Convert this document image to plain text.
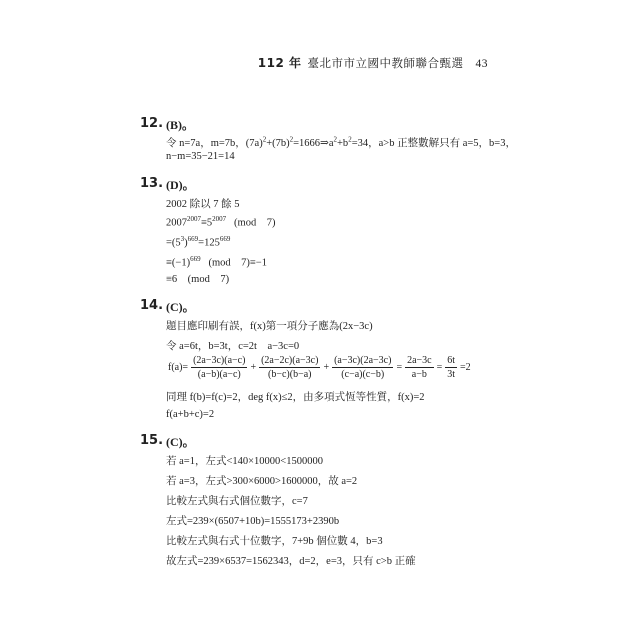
112 年 臺北市市立國中教師聯合甄選 43
12. (B)。
令 n=7a，m=7b，$(7a)^2+(7b)^2=1666\Rightarrow a^2+b^2=34$，a>b 正整數解只有 a=5，b=3，
n−m=35−21=14
13. (D)。
2002 除以 7 餘 5
$2007^{2007}\equiv 5^{2007}$   (mod    7)
$=(5^3)^{669}=125^{669}$
$\equiv(-1)^{669}$   (mod    7)≡−1
≡6    (mod    7)
14. (C)。
題目應印刷有誤，f(x)第一項分子應為(2x−3c)
令 a=6t，b=3t，c=2t    a−3c=0
$f(a)= \frac{(2a-3c)(a-c)}{(a-b)(a-c)} + \frac{(2a-2c)(a-3c)}{(b-c)(b-a)} + \frac{(a-3c)(2a-3c)}{(c-a)(c-b)} = \frac{2a-3c}{a-b} = \frac{6t}{3t} =2$
同理 f(b)=f(c)=2，deg f(x)≤2，由多項式恆等性質，f(x)=2
f(a+b+c)=2
15. (C)。
若 a=1，左式<140×10000<1500000
若 a=3，左式>300×6000>1600000，故 a=2
比較左式與右式個位數字，c=7
左式=239×(6507+10b)=1555173+2390b
比較左式與右式十位數字，7+9b 個位數 4，b=3
故左式=239×6537=1562343，d=2，e=3，只有 c>b 正確
